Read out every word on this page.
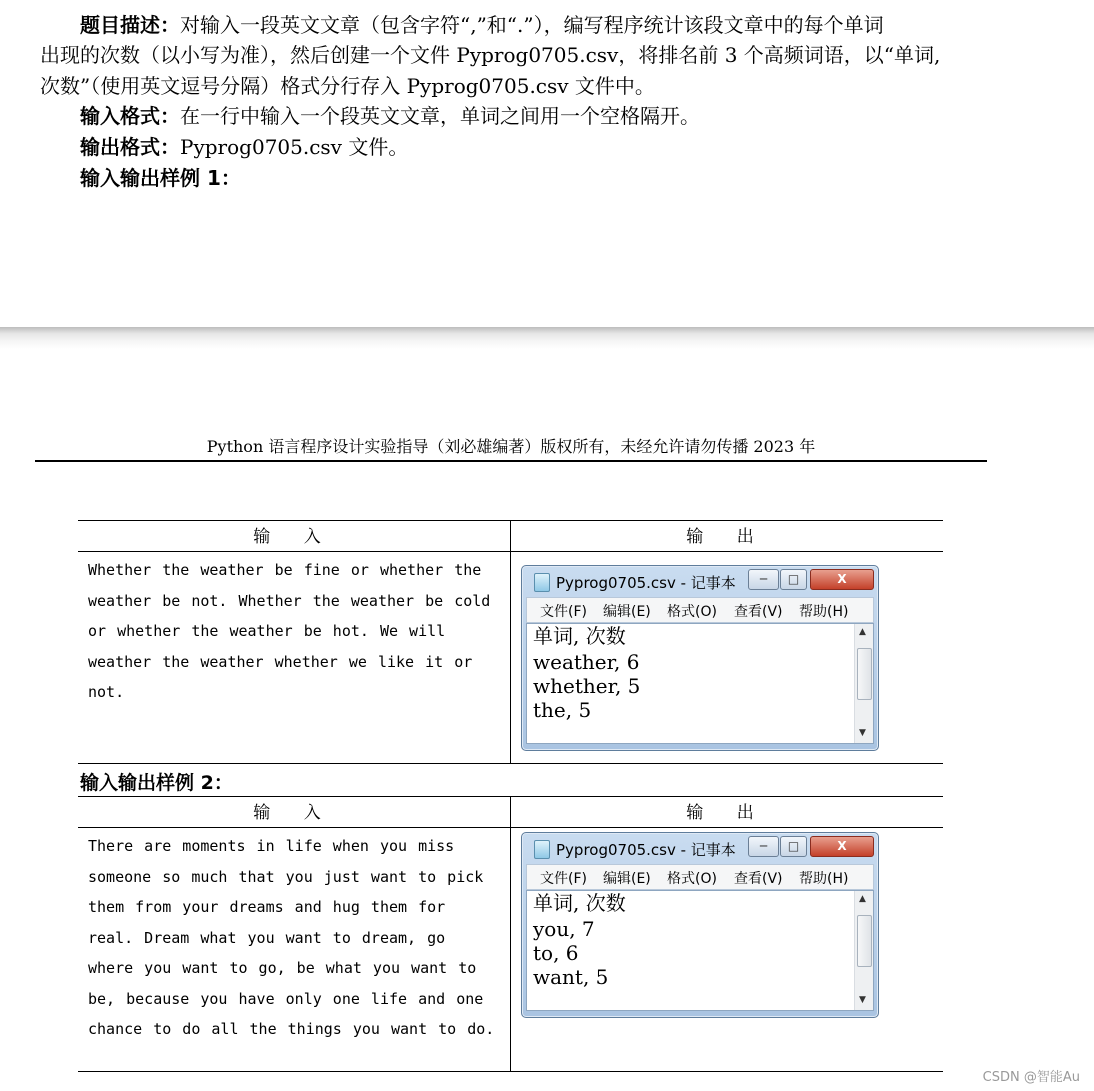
题目描述：对输入一段英文文章（包含字符“,”和“.”），编写程序统计该段文章中的每个单词
出现的次数（以小写为准），然后创建一个文件 Pyprog0705.csv，将排名前 3 个高频词语，以“单词,
次数”（使用英文逗号分隔）格式分行存入 Pyprog0705.csv 文件中。
输入格式：在一行中输入一个段英文文章，单词之间用一个空格隔开。
输出格式：Pyprog0705.csv 文件。
输入输出样例 1：
Python 语言程序设计实验指导（刘必雄编著）版权所有，未经允许请勿传播 2023 年
输 入	输 出

Whether the weather be fine or whether the weather be not. Whether the weather be cold or whether the weather be hot. We will weather the weather whether we like it or not.	

Pyprog0705.csv - 记事本	─	□	X
文件(F) 编辑(E) 格式(O) 查看(V) 帮助(H)
单词, 次数
weather, 6
whether, 5
the, 5
▲
▼
输入输出样例 2：
输 入	输 出

There are moments in life when you miss someone so much that you just want to pick them from your dreams and hug them for real. Dream what you want to dream, go where you want to go, be what you want to be, because you have only one life and one chance to do all the things you want to do.	

Pyprog0705.csv - 记事本	─	□	X
文件(F) 编辑(E) 格式(O) 查看(V) 帮助(H)
单词, 次数
you, 7
to, 6
want, 5
▲
▼
CSDN @智能Au
